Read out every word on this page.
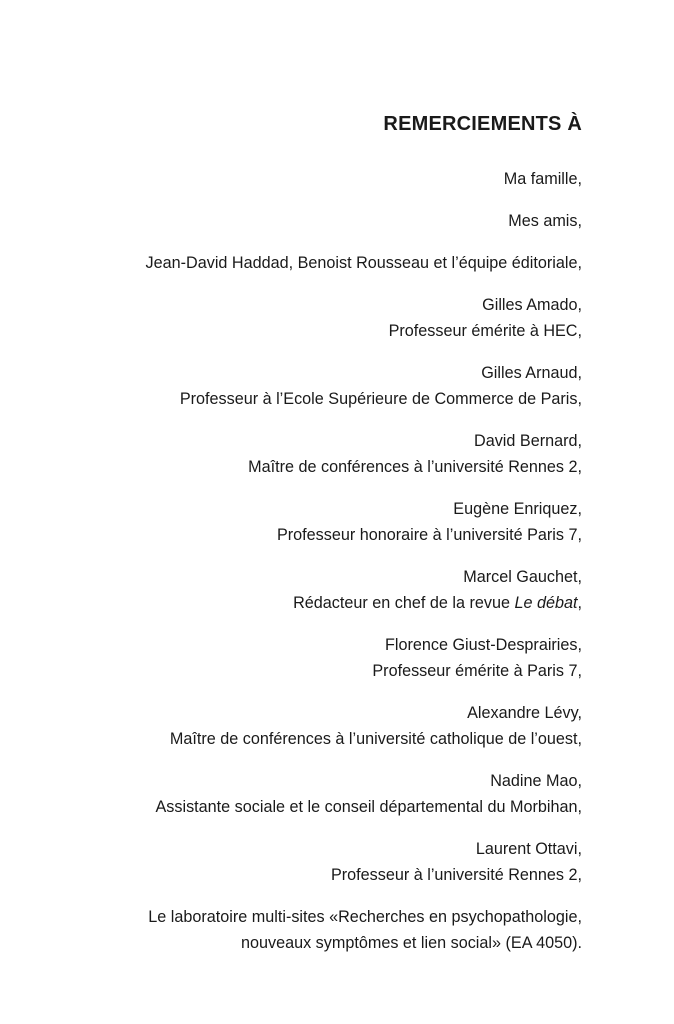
REMERCIEMENTS À

Ma famille,

Mes amis,

Jean-David Haddad, Benoist Rousseau et l’équipe éditoriale,

Gilles Amado,
Professeur émérite à HEC,

Gilles Arnaud,
Professeur à l’Ecole Supérieure de Commerce de Paris,

David Bernard,
Maître de conférences à l’université Rennes 2,

Eugène Enriquez,
Professeur honoraire à l’université Paris 7,

Marcel Gauchet,
Rédacteur en chef de la revue Le débat,

Florence Giust-Desprairies,
Professeur émérite à Paris 7,

Alexandre Lévy,
Maître de conférences à l’université catholique de l’ouest,

Nadine Mao,
Assistante sociale et le conseil départemental du Morbihan,

Laurent Ottavi,
Professeur à l’université Rennes 2,

Le laboratoire multi-sites «Recherches en psychopathologie,
nouveaux symptômes et lien social» (EA 4050).
